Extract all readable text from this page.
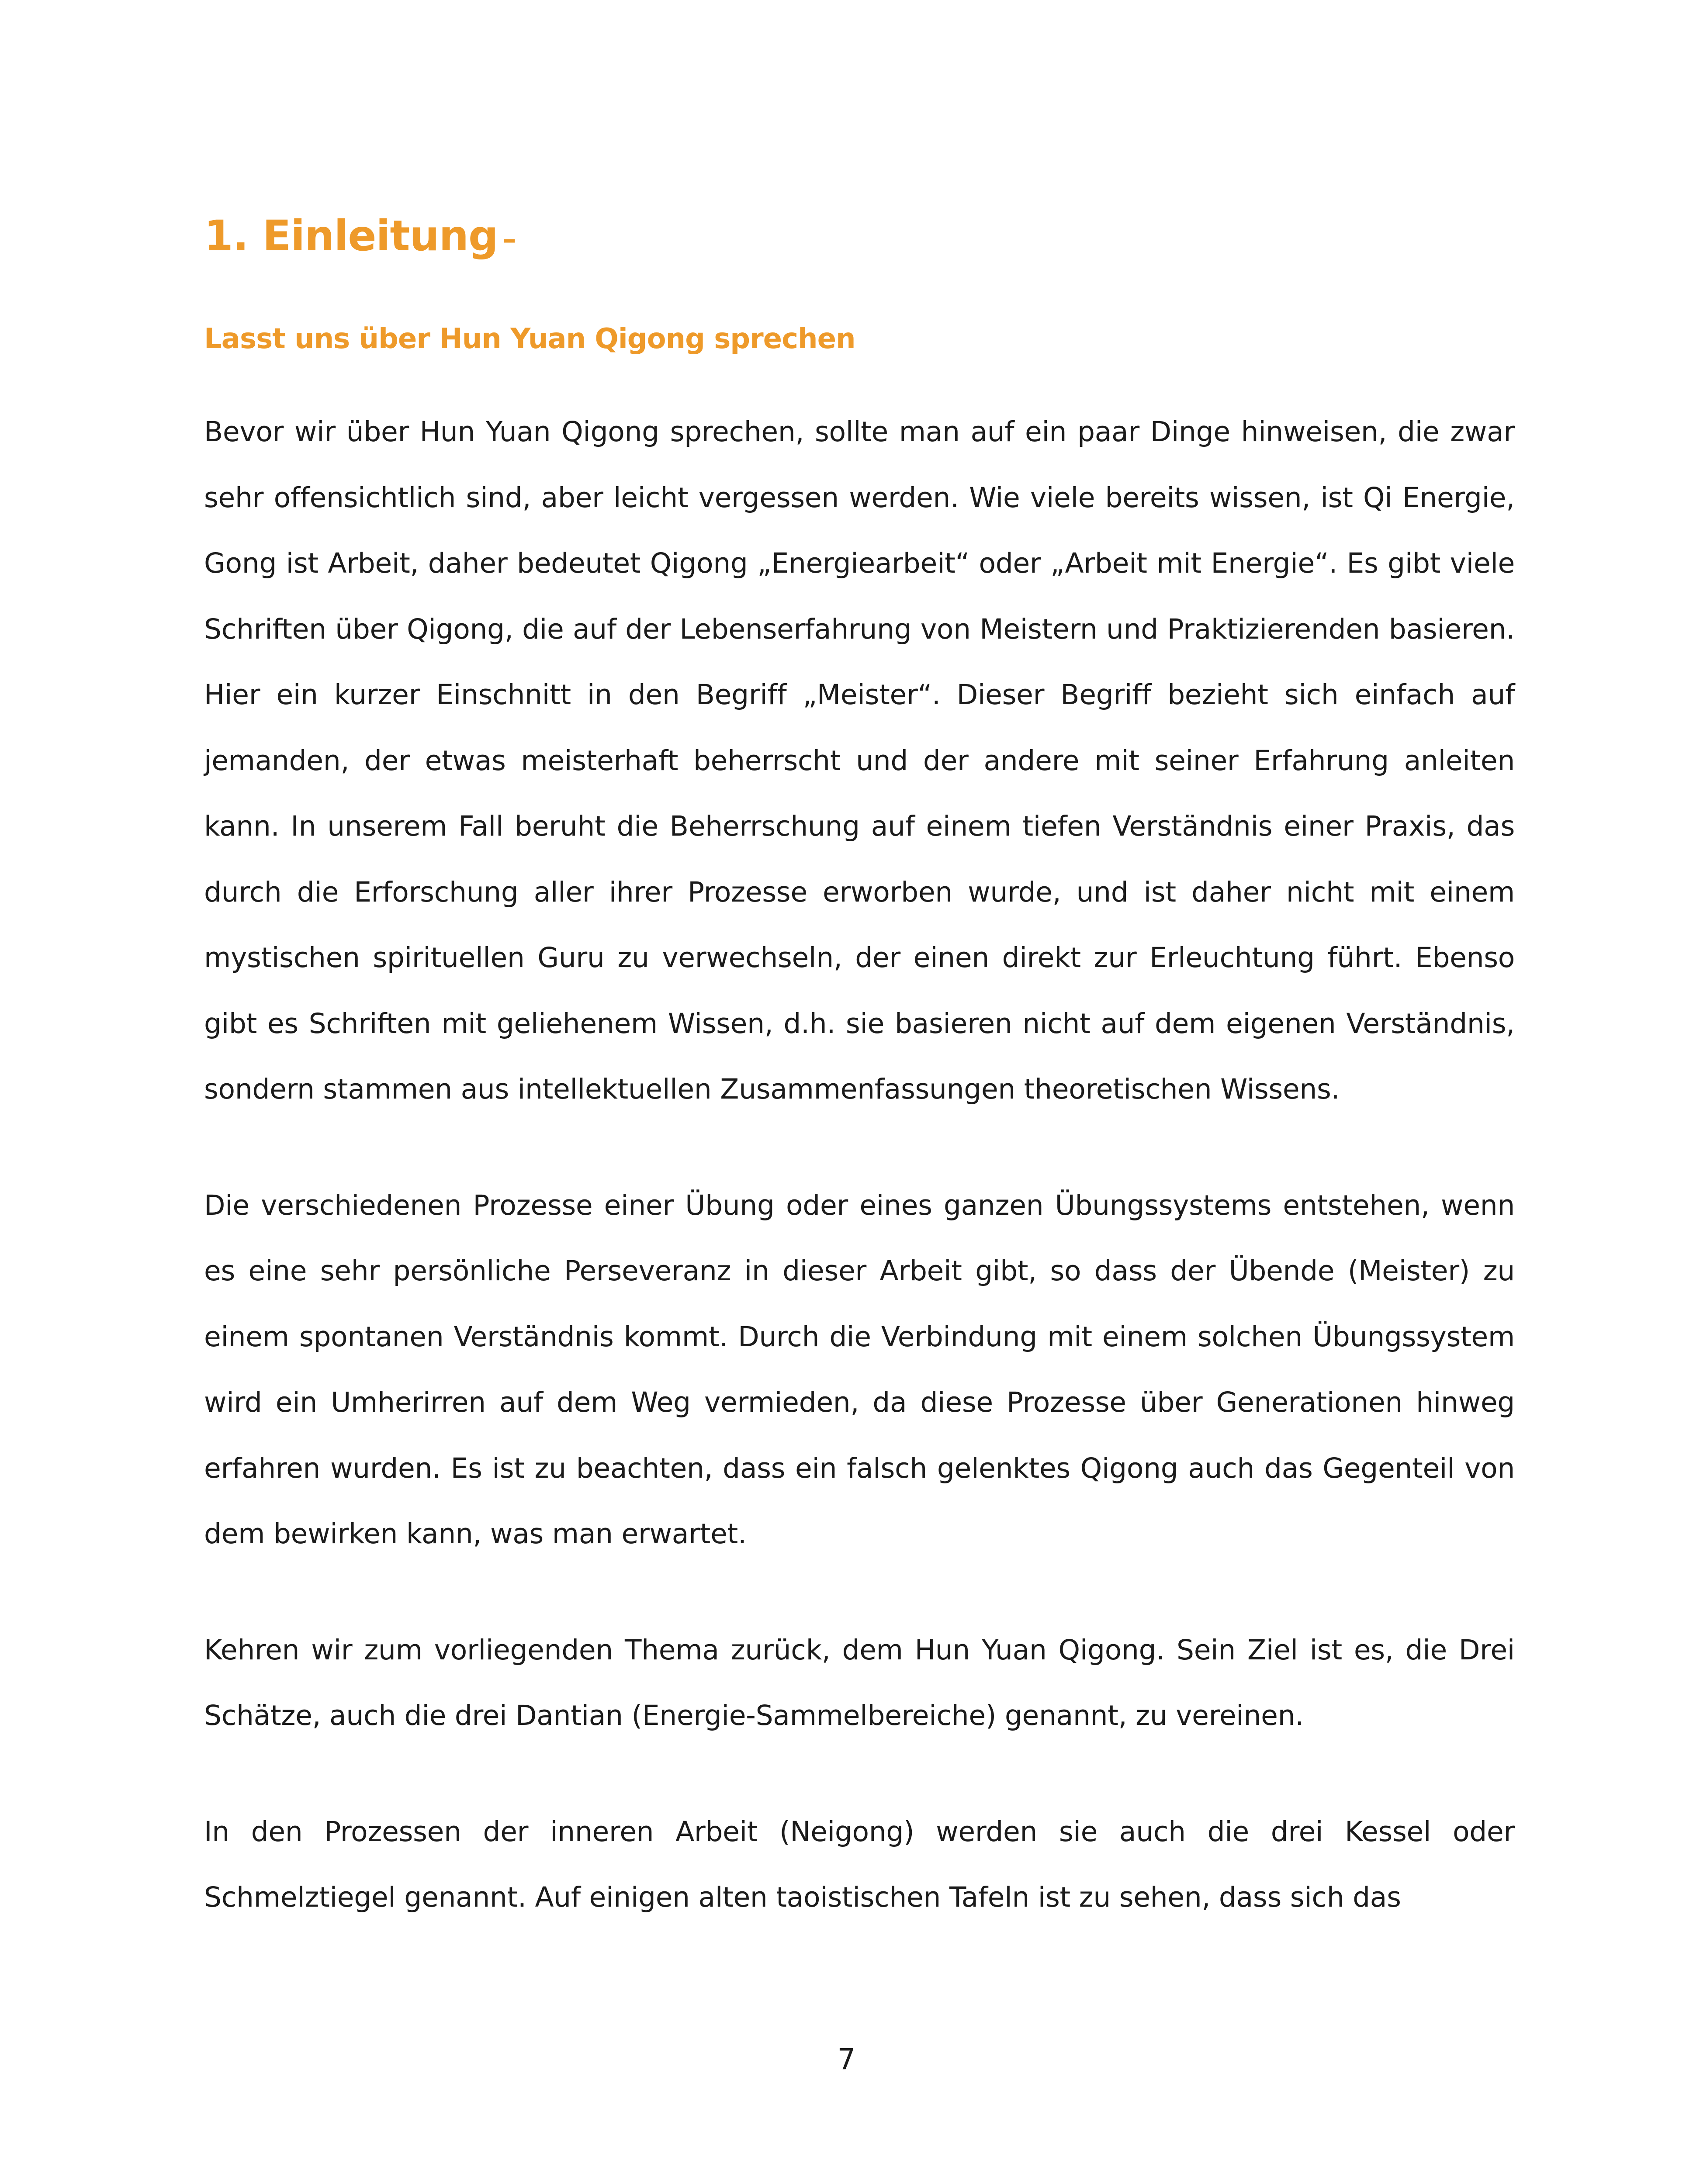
1. Einleitung –
Lasst uns über Hun Yuan Qigong sprechen

Bevor wir über Hun Yuan Qigong sprechen, sollte man auf ein paar Dinge hinweisen, die zwar sehr offensichtlich sind, aber leicht vergessen werden. Wie viele bereits wissen, ist Qi Energie, Gong ist Arbeit, daher bedeutet Qigong „Energiearbeit“ oder „Arbeit mit Energie“. Es gibt viele Schriften über Qigong, die auf der Lebenserfahrung von Meistern und Praktizierenden basieren. Hier ein kurzer Einschnitt in den Begriff „Meister“. Dieser Begriff bezieht sich einfach auf jemanden, der etwas meisterhaft beherrscht und der andere mit seiner Erfahrung anleiten kann. In unserem Fall beruht die Beherrschung auf einem tiefen Verständnis einer Praxis, das durch die Erforschung aller ihrer Prozesse erworben wurde, und ist daher nicht mit einem mystischen spirituellen Guru zu verwechseln, der einen direkt zur Erleuchtung führt. Ebenso gibt es Schriften mit geliehenem Wissen, d.h. sie basieren nicht auf dem eigenen Verständnis, sondern stammen aus intellektuellen Zusammenfassungen theoretischen Wissens.

Die verschiedenen Prozesse einer Übung oder eines ganzen Übungssystems entstehen, wenn es eine sehr persönliche Perseveranz in dieser Arbeit gibt, so dass der Übende (Meister) zu einem spontanen Verständnis kommt. Durch die Verbindung mit einem solchen Übungssystem wird ein Umherirren auf dem Weg vermieden, da diese Prozesse über Generationen hinweg erfahren wurden. Es ist zu beachten, dass ein falsch gelenktes Qigong auch das Gegenteil von dem bewirken kann, was man erwartet.

Kehren wir zum vorliegenden Thema zurück, dem Hun Yuan Qigong. Sein Ziel ist es, die Drei Schätze, auch die drei Dantian (Energie-Sammelbereiche) genannt, zu vereinen.

In den Prozessen der inneren Arbeit (Neigong) werden sie auch die drei Kessel oder Schmelztiegel genannt. Auf einigen alten taoistischen Tafeln ist zu sehen, dass sich das

7
